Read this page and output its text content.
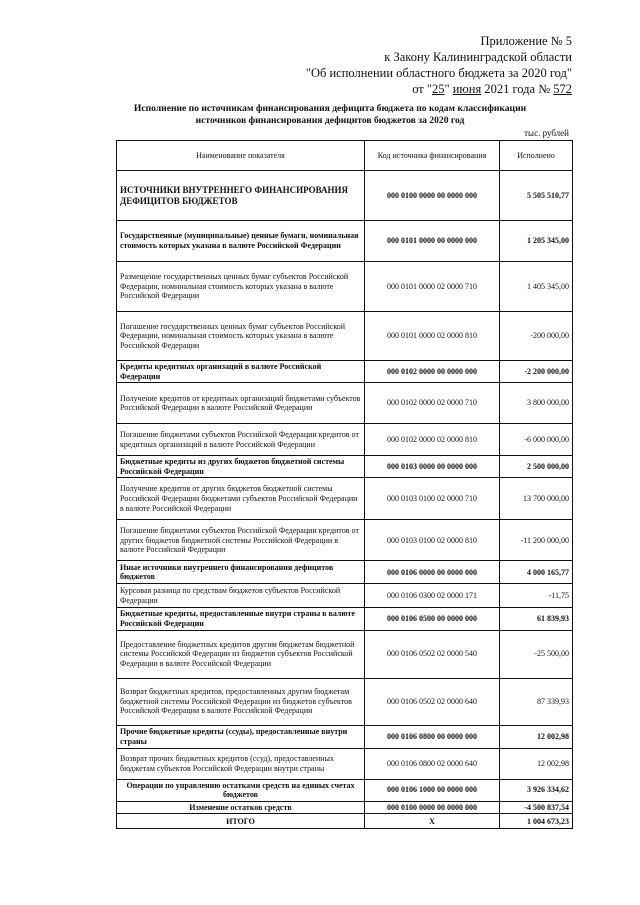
Приложение № 5
к Закону Калининградской области
"Об исполнении областного бюджета за 2020 год"
от "25" июня 2021 года № 572
Исполнение по источникам финансирования дефицита бюджета по кодам классификации
источников финансирования дефицитов бюджетов за 2020 год
тыс. рублей
Наименование показателя	Код источника финансирования	Исполнено
ИСТОЧНИКИ ВНУТРЕННЕГО ФИНАНСИРОВАНИЯ ДЕФИЦИТОВ БЮДЖЕТОВ	000 0100 0000 00 0000 000	5 505 510,77
Государственные (муниципальные) ценные бумаги, номинальная стоимость которых указана в валюте Российской Федерации	000 0101 0000 00 0000 000	1 205 345,00
Размещение государственных ценных бумаг субъектов Российской Федерации, номинальная стоимость которых указана в валюте Российской Федерации	000 0101 0000 02 0000 710	1 405 345,00
Погашение государственных ценных бумаг субъектов Российской Федерации, номинальная стоимость которых указана в валюте Российской Федерации	000 0101 0000 02 0000 810	-200 000,00
Кредиты кредитных организаций в валюте Российской Федерации	000 0102 0000 00 0000 000	-2 200 000,00
Получение кредитов от кредитных организаций бюджетами субъектов Российской Федерации в валюте Российской Федерации	000 0102 0000 02 0000 710	3 800 000,00
Погашение бюджетами субъектов Российской Федерации кредитов от кредитных организаций в валюте Российской Федерации	000 0102 0000 02 0000 810	-6 000 000,00
Бюджетные кредиты из других бюджетов бюджетной системы Российской Федерации	000 0103 0000 00 0000 000	2 500 000,00
Получение кредитов от других бюджетов бюджетной системы Российской Федерации бюджетами субъектов Российской Федерации в валюте Российской Федерации	000 0103 0100 02 0000 710	13 700 000,00
Погашение бюджетами субъектов Российской Федерации кредитов от других бюджетов бюджетной системы Российской Федерации в валюте Российской Федерации	000 0103 0100 02 0000 810	-11 200 000,00
Иные источники внутреннего финансирования дефицитов бюджетов	000 0106 0000 00 0000 000	4 000 165,77
Курсовая разница по средствам бюджетов субъектов Российской Федерации	000 0106 0300 02 0000 171	-11,75
Бюджетные кредиты, предоставленные внутри страны в валюте Российской Федерации	000 0106 0500 00 0000 000	61 839,93
Предоставление бюджетных кредитов другим бюджетам бюджетной системы Российской Федерации из бюджетов субъектов Российской Федерации в валюте Российской Федерации	000 0106 0502 02 0000 540	-25 500,00
Возврат бюджетных кредитов, предоставленных другим бюджетам бюджетной системы Российской Федерации из бюджетов субъектов Российской Федерации в валюте Российской Федерации	000 0106 0502 02 0000 640	87 339,93
Прочие бюджетные кредиты (ссуды), предоставленные внутри страны	000 0106 0800 00 0000 000	12 002,98
Возврат прочих бюджетных кредитов (ссуд), предоставленных бюджетам субъектов Российской Федерации внутри страны	000 0106 0800 02 0000 640	12 002,98
Операции по управлению остатками средств на единых счетах бюджетов	000 0106 1000 00 0000 000	3 926 334,62
Изменение остатков средств	000 0100 0000 00 0000 000	-4 500 837,54
ИТОГО	X	1 004 673,23
